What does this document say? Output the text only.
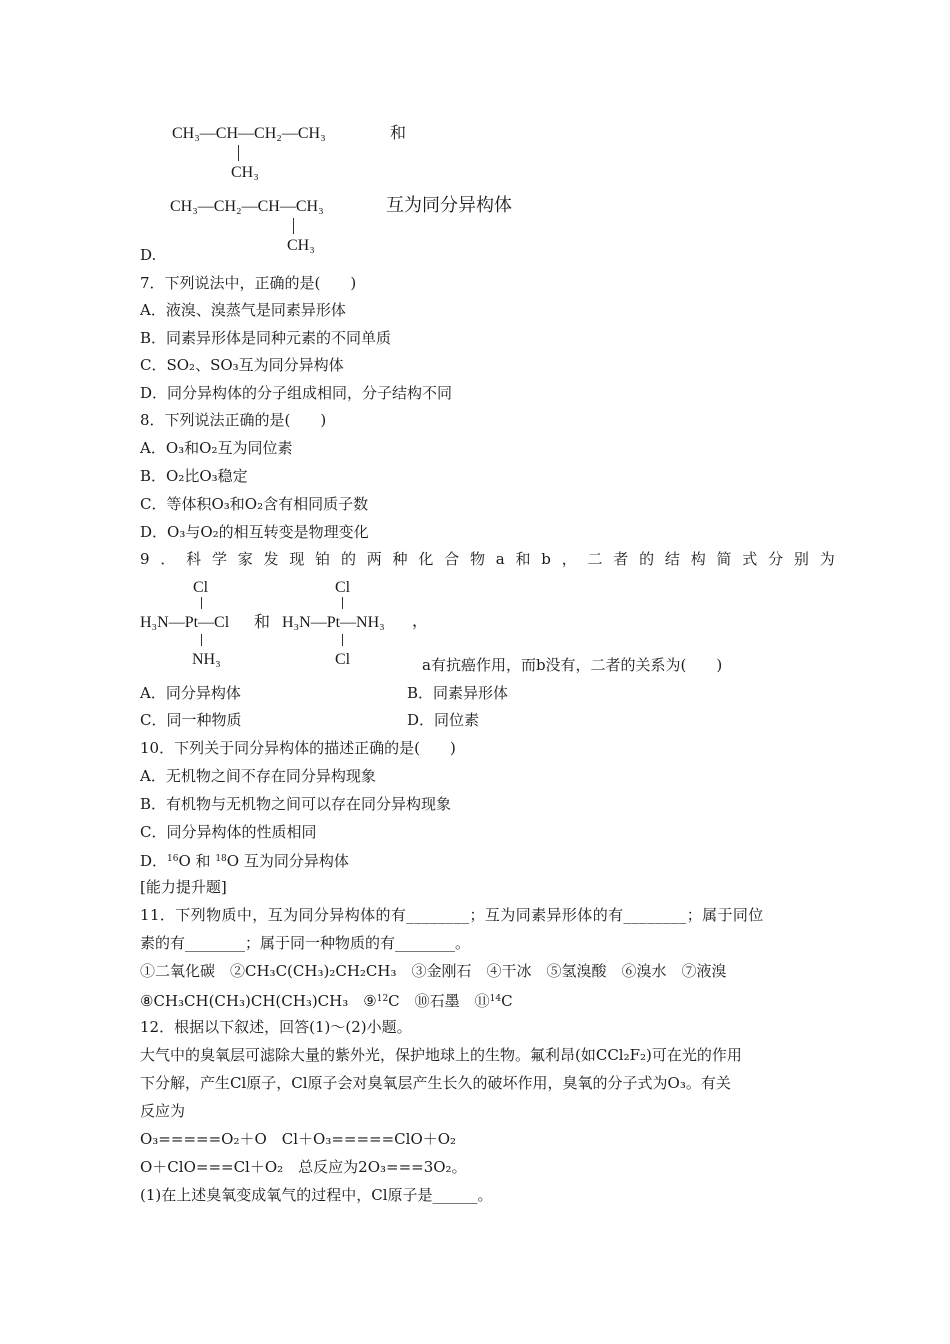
CH₃—CH—CH₂—CH₃	和
CH₃
CH₃—CH₂—CH—CH₃	互为同分异构体
CH₃
D.
7．下列说法中，正确的是(　　)
A．液溴、溴蒸气是同素异形体
B．同素异形体是同种元素的不同单质
C．SO₂、SO₃互为同分异构体
D．同分异构体的分子组成相同，分子结构不同
8．下列说法正确的是(　　)
A．O₃和O₂互为同位素
B．O₂比O₃稳定
C．等体积O₃和O₂含有相同质子数
D．O₃与O₂的相互转变是物理变化
9．科学家发现铂的两种化合物a和b，二者的结构简式分别为
Cl
H₃N—Pt—Cl
NH₃
和
Cl
H₃N—Pt—NH₃
Cl
，
a有抗癌作用，而b没有，二者的关系为(　　)
A．同分异构体	B．同素异形体
C．同一种物质	D．同位素
10．下列关于同分异构体的描述正确的是(　　)
A．无机物之间不存在同分异构现象
B．有机物与无机物之间可以存在同分异构现象
C．同分异构体的性质相同
D．$^{16}$O 和 $^{18}$O 互为同分异构体
[能力提升题]
11．下列物质中，互为同分异构体的有________；互为同素异形体的有________；属于同位
素的有________；属于同一种物质的有________。
①二氧化碳　②CH₃C(CH₃)₂CH₂CH₃　③金刚石　④干冰　⑤氢溴酸　⑥溴水　⑦液溴
⑧CH₃CH(CH₃)CH(CH₃)CH₃　⑨$^{12}$C　⑩石墨　⑪$^{14}$C
12．根据以下叙述，回答(1)～(2)小题。
大气中的臭氧层可滤除大量的紫外光，保护地球上的生物。氟利昂(如CCl₂F₂)可在光的作用
下分解，产生Cl原子，Cl原子会对臭氧层产生长久的破坏作用，臭氧的分子式为O₃。有关
反应为
O₃=====O₂＋O　Cl＋O₃=====ClO＋O₂
O＋ClO===Cl＋O₂　总反应为2O₃===3O₂。
(1)在上述臭氧变成氧气的过程中，Cl原子是______。
